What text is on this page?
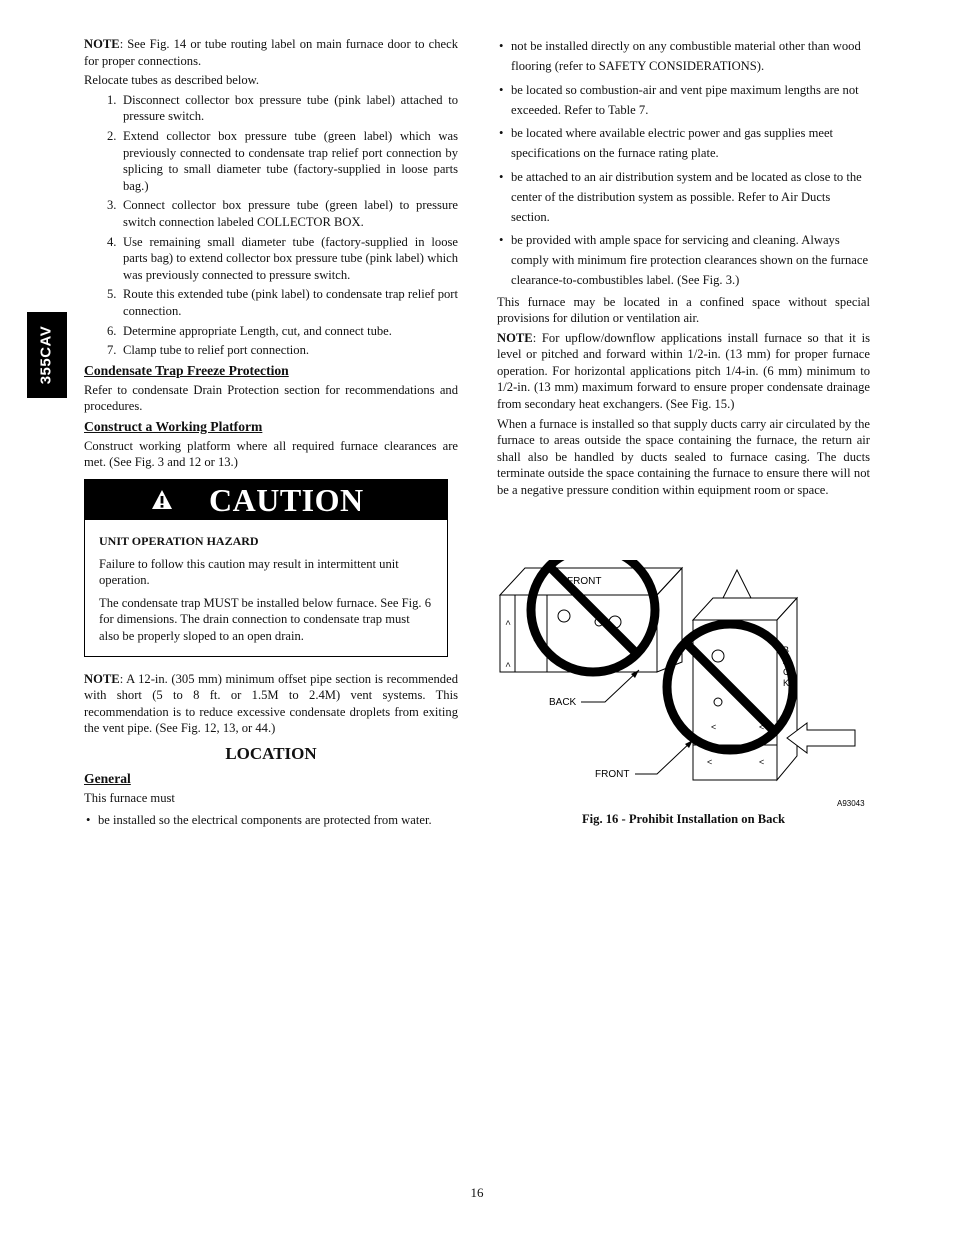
355CAV

NOTE: See Fig. 14 or tube routing label on main furnace door to check for proper connections.

Relocate tubes as described below.

1. Disconnect collector box pressure tube (pink label) attached to pressure switch.
2. Extend collector box pressure tube (green label) which was previously connected to condensate trap relief port connection by splicing to small diameter tube (factory-supplied in loose parts bag.)
3. Connect collector box pressure tube (green label) to pressure switch connection labeled COLLECTOR BOX.
4. Use remaining small diameter tube (factory-supplied in loose parts bag) to extend collector box pressure tube (pink label) which was previously connected to pressure switch.
5. Route this extended tube (pink label) to condensate trap relief port connection.
6. Determine appropriate Length, cut, and connect tube.
7. Clamp tube to relief port connection.
Condensate Trap Freeze Protection

Refer to condensate Drain Protection section for recommendations and procedures.

Construct a Working Platform

Construct working platform where all required furnace clearances are met. (See Fig. 3 and 12 or 13.)

CAUTION
UNIT OPERATION HAZARD

Failure to follow this caution may result in intermittent unit operation.

The condensate trap MUST be installed below furnace. See Fig. 6 for dimensions. The drain connection to condensate trap must also be properly sloped to an open drain.

NOTE: A 12-in. (305 mm) minimum offset pipe section is recommended with short (5 to 8 ft. or 1.5M to 2.4M) vent systems. This recommendation is to reduce excessive condensate droplets from exiting the vent pipe. (See Fig. 12, 13, or 44.)

LOCATION
General

This furnace must

• be installed so the electrical components are protected from water.
• not be installed directly on any combustible material other than wood flooring (refer to SAFETY CONSIDERATIONS).
• be located so combustion-air and vent pipe maximum lengths are not exceeded. Refer to Table 7.
• be located where available electric power and gas supplies meet specifications on the furnace rating plate.
• be attached to an air distribution system and be located as close to the center of the distribution system as possible. Refer to Air Ducts section.
• be provided with ample space for servicing and cleaning. Always comply with minimum fire protection clearances shown on the furnace clearance-to-combustibles label. (See Fig. 3.)

This furnace may be located in a confined space without special provisions for dilution or ventilation air.

NOTE: For upflow/downflow applications install furnace so that it is level or pitched and forward within 1/2-in. (13 mm) for proper furnace operation. For horizontal applications pitch 1/4-in. (6 mm) minimum to 1/2-in. (13 mm) maximum forward to ensure proper condensate drainage from secondary heat exchangers. (See Fig. 15.)

When a furnace is installed so that supply ducts carry air circulated by the furnace to areas outside the space containing the furnace, the return air shall also be handled by ducts sealed to furnace casing. The ducts terminate outside the space containing the furnace to ensure there will not be a negative pressure condition within equipment room or space.

<
<
<
FRONT
<	<
<	<
B
A
C
K
BACK
FRONT
A93043
Fig. 16 - Prohibit Installation on Back
16
